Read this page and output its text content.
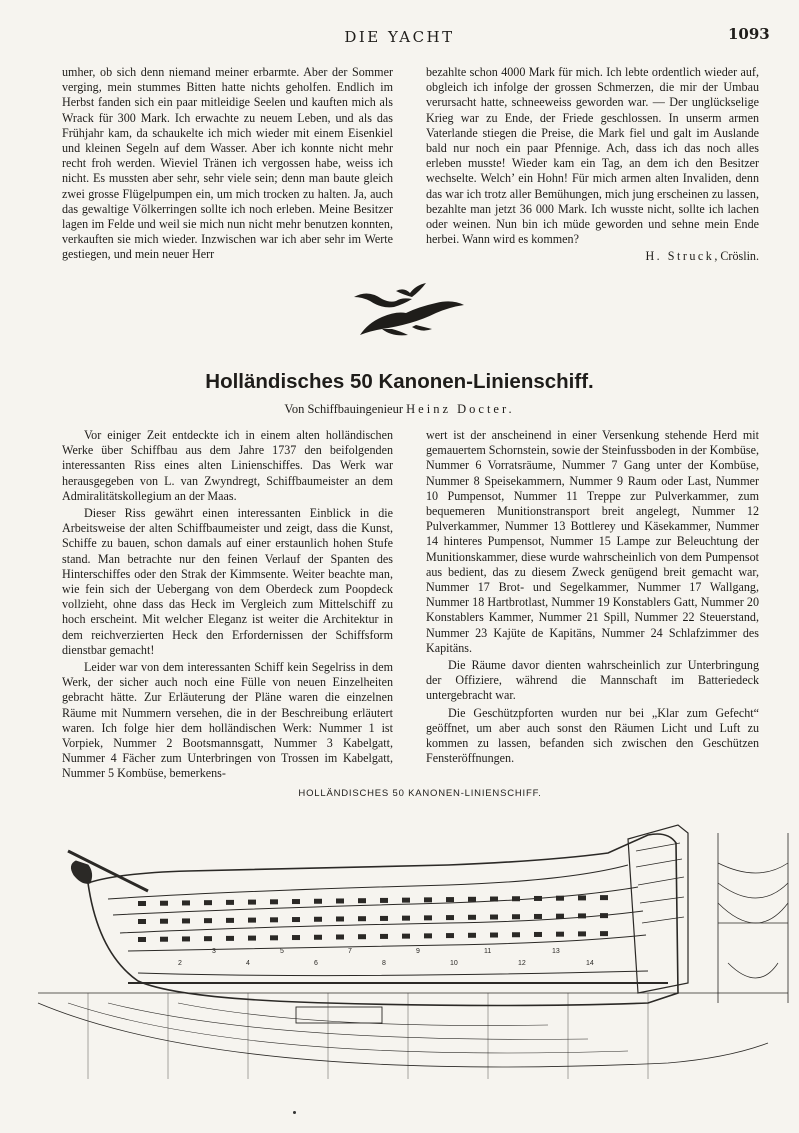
DIE YACHT	1093

umher, ob sich denn niemand meiner erbarmte. Aber der Sommer verging, mein stummes Bitten hatte nichts geholfen. Endlich im Herbst fanden sich ein paar mitleidige Seelen und kauften mich als Wrack für 300 Mark. Ich erwachte zu neuem Leben, und als das Frühjahr kam, da schaukelte ich mich wieder mit einem Eisenkiel und kleinen Segeln auf dem Wasser. Aber ich konnte nicht mehr recht froh werden. Wieviel Tränen ich vergossen habe, weiss ich nicht. Es mussten aber sehr, sehr viele sein; denn man baute gleich zwei grosse Flügelpumpen ein, um mich trocken zu halten. Ja, auch das gewaltige Völkerringen sollte ich noch erleben. Meine Besitzer lagen im Felde und weil sie mich nun nicht mehr benutzen konnten, verkauften sie mich wieder. Inzwischen war ich aber sehr im Werte gestiegen, und mein neuer Herr

bezahlte schon 4000 Mark für mich. Ich lebte ordentlich wieder auf, obgleich ich infolge der grossen Schmerzen, die mir der Umbau verursacht hatte, schneeweiss geworden war. — Der unglückselige Krieg war zu Ende, der Friede geschlossen. In unserm armen Vaterlande stiegen die Preise, die Mark fiel und galt im Auslande bald nur noch ein paar Pfennige. Ach, dass ich das noch alles erleben musste! Wieder kam ein Tag, an dem ich den Besitzer wechselte. Welch’ ein Hohn! Für mich armen alten Invaliden, denn das war ich trotz aller Bemühungen, mich jung erscheinen zu lassen, bezahlte man jetzt 36 000 Mark. Ich wusste nicht, sollte ich lachen oder weinen. Nun bin ich müde geworden und sehne mein Ende herbei. Wann wird es kommen?

H. Struck, Cröslin.
Holländisches 50 Kanonen-Linienschiff.
Von Schiffbauingenieur Heinz Docter.

Vor einiger Zeit entdeckte ich in einem alten holländischen Werke über Schiffbau aus dem Jahre 1737 den beifolgenden interessanten Riss eines alten Linienschiffes. Das Werk war herausgegeben von L. van Zwyndregt, Schiffbaumeister an dem Admiralitätskollegium an der Maas.

Dieser Riss gewährt einen interessanten Einblick in die Arbeitsweise der alten Schiffbaumeister und zeigt, dass die Kunst, Schiffe zu bauen, schon damals auf einer erstaunlich hohen Stufe stand. Man betrachte nur den feinen Verlauf der Spanten des Hinterschiffes oder den Strak der Kimmsente. Weiter beachte man, wie fein sich der Uebergang von dem Oberdeck zum Poopdeck vollzieht, ohne dass das Heck im Vergleich zum Mittelschiff zu hoch erscheint. Mit welcher Eleganz ist weiter die Architektur in dem reichverzierten Heck den Erfordernissen der Schiffsform dienstbar gemacht!

Leider war von dem interessanten Schiff kein Segelriss in dem Werk, der sicher auch noch eine Fülle von neuen Einzelheiten gebracht hätte. Zur Erläuterung der Pläne waren die einzelnen Räume mit Nummern versehen, die in der Beschreibung erläutert waren. Ich folge hier dem holländischen Werk: Nummer 1 ist Vorpiek, Nummer 2 Bootsmannsgatt, Nummer 3 Kabelgatt, Nummer 4 Fächer zum Unterbringen von Trossen im Kabelgatt, Nummer 5 Kombüse, bemerkens-

wert ist der anscheinend in einer Versenkung stehende Herd mit gemauertem Schornstein, sowie der Steinfussboden in der Kombüse, Nummer 6 Vorratsräume, Nummer 7 Gang unter der Kombüse, Nummer 8 Speisekammern, Nummer 9 Raum oder Last, Nummer 10 Pumpensot, Nummer 11 Treppe zur Pulverkammer, zum bequemeren Munitionstransport breit angelegt, Nummer 12 Pulverkammer, Nummer 13 Bottlerey und Käsekammer, Nummer 14 hinteres Pumpensot, Nummer 15 Lampe zur Beleuchtung der Munitionskammer, diese wurde wahrscheinlich von dem Pumpensot aus bedient, das zu diesem Zweck genügend breit gemacht war, Nummer 17 Brot- und Segelkammer, Nummer 17 Wallgang, Nummer 18 Hartbrotlast, Nummer 19 Konstablers Gatt, Nummer 20 Konstablers Kammer, Nummer 21 Spill, Nummer 22 Steuerstand, Nummer 23 Kajüte de Kapitäns, Nummer 24 Schlafzimmer des Kapitäns.

Die Räume davor dienten wahrscheinlich zur Unterbringung der Offiziere, während die Mannschaft im Batteriedeck untergebracht war.

Die Geschützpforten wurden nur bei „Klar zum Gefecht“ geöffnet, um aber auch sonst den Räumen Licht und Luft zu kommen zu lassen, befanden sich zwischen den Geschützen Fensteröffnungen.

HOLLÄNDISCHES 50 KANONEN-LINIENSCHIFF.
2
3
4
5
6
7
8
9
10
11
12
13
14
